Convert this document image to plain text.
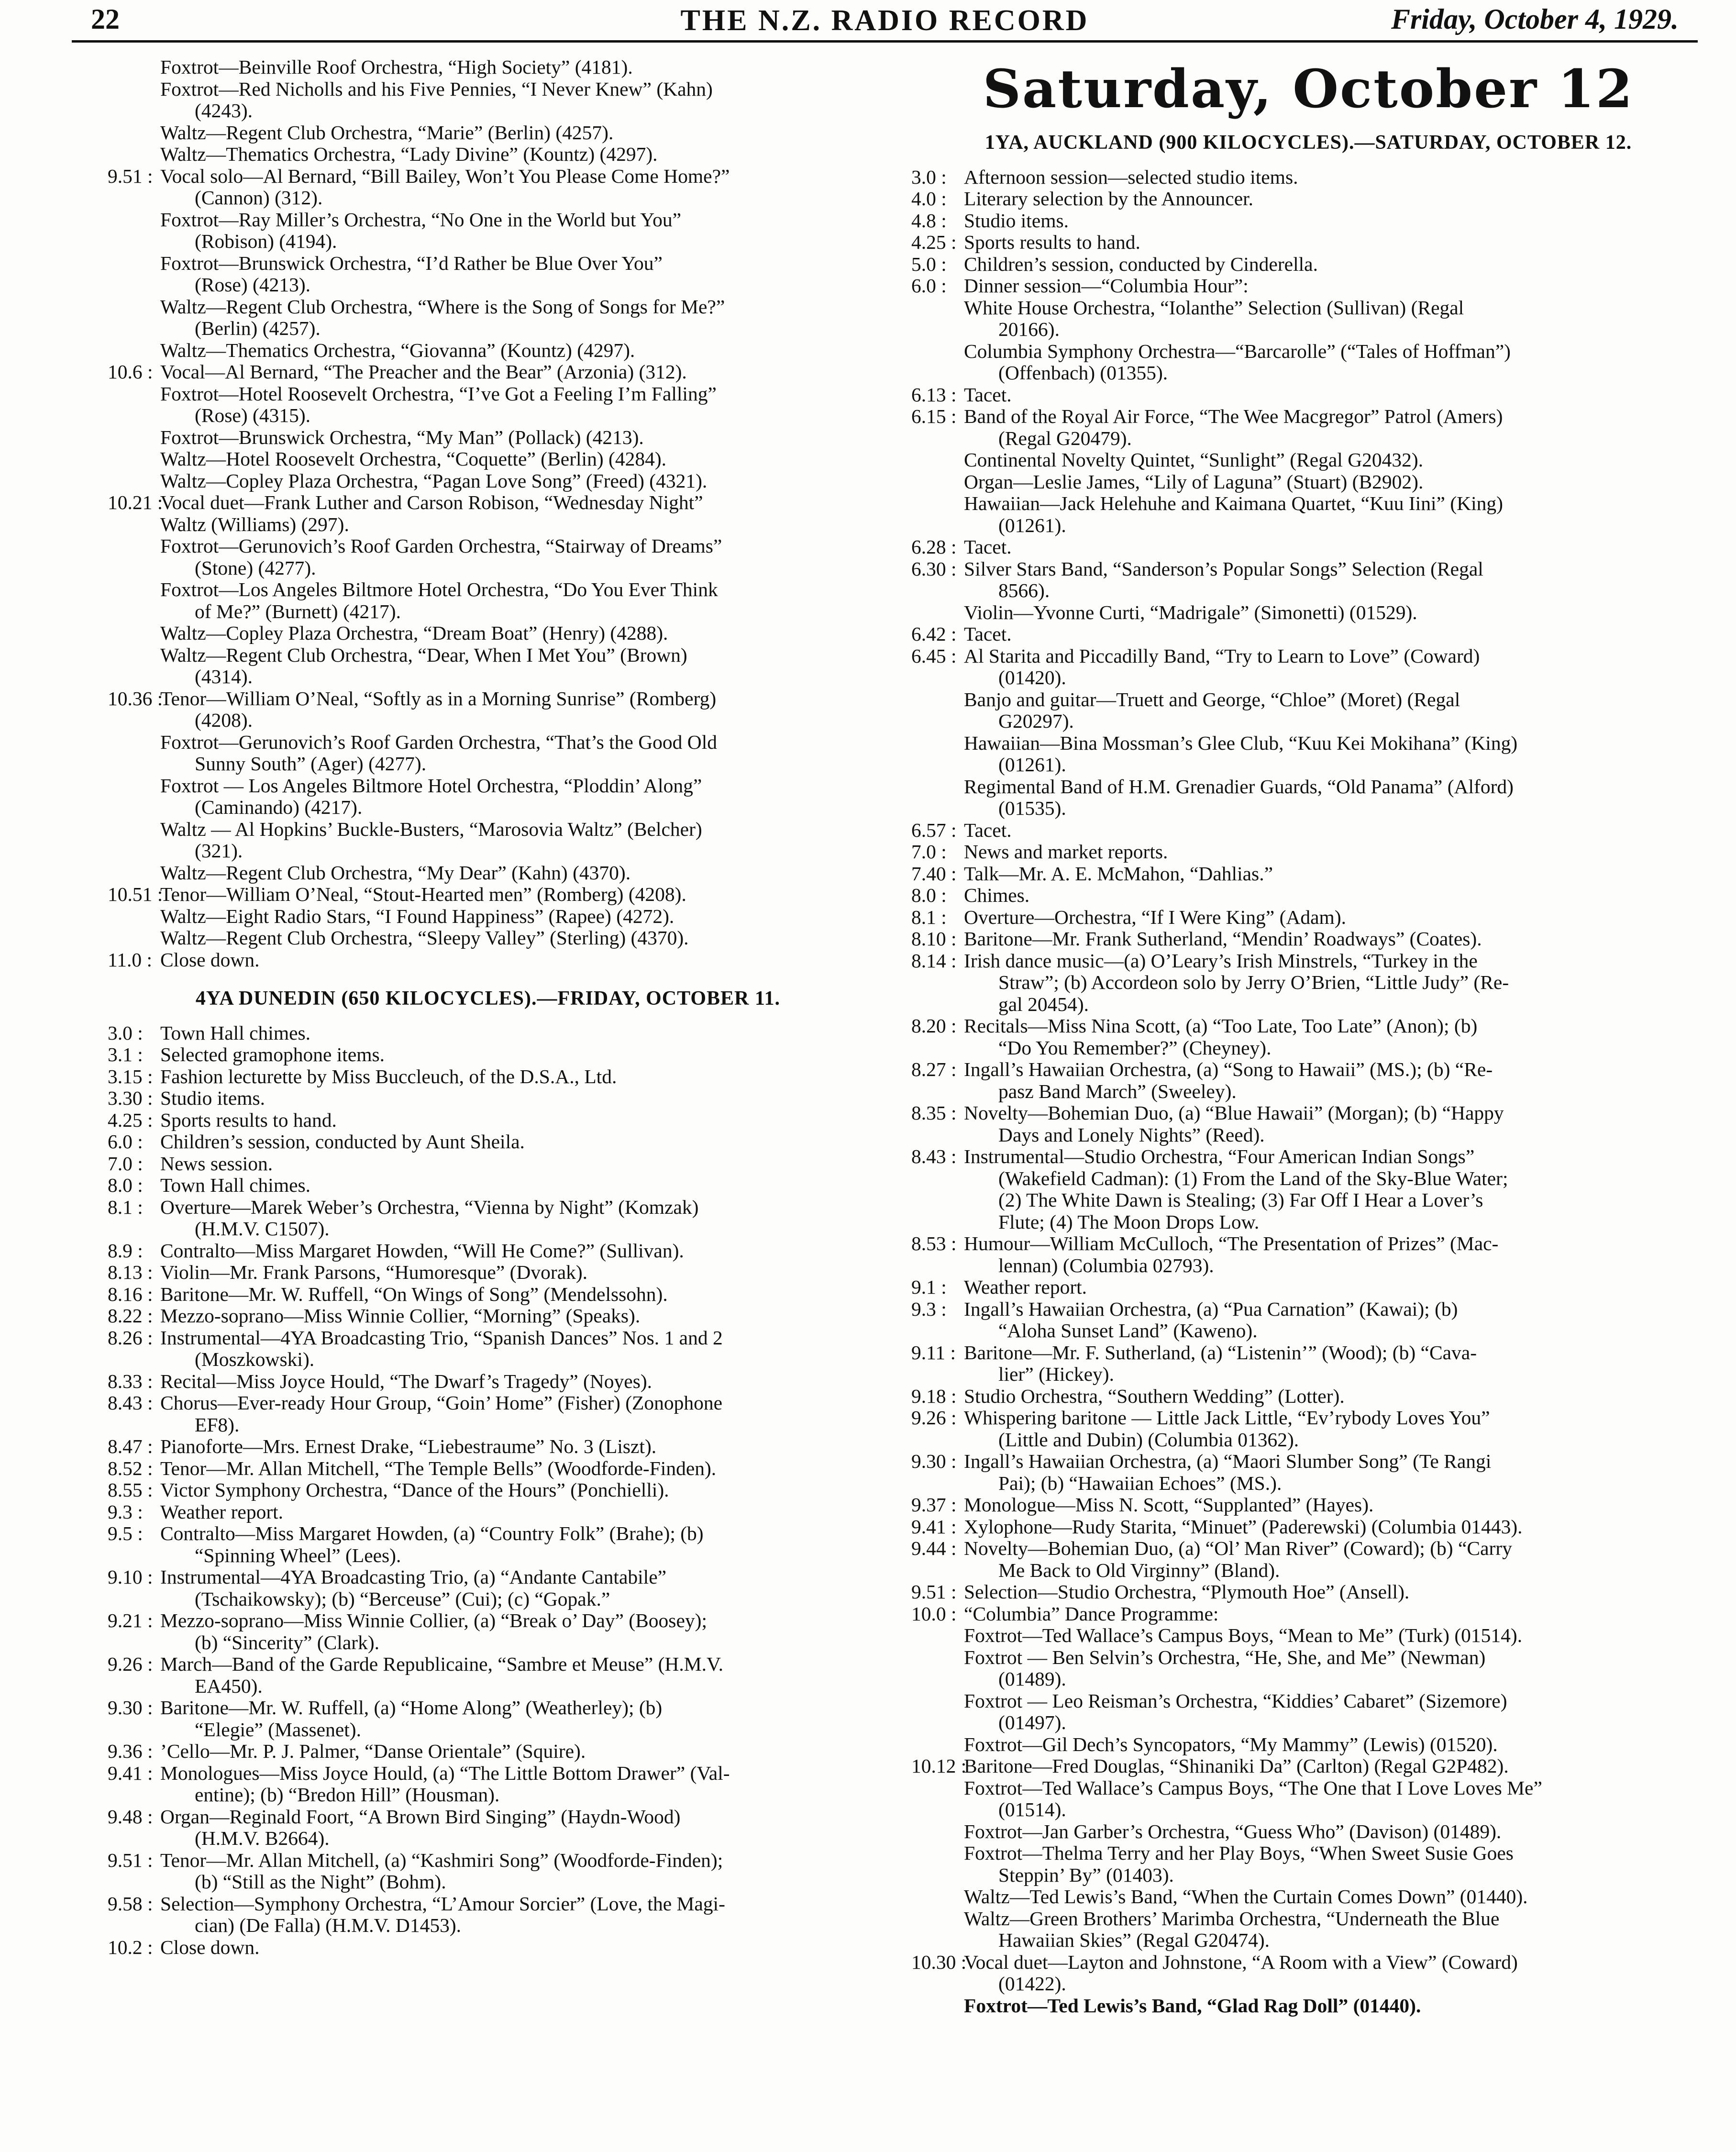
22	THE N.Z. RADIO RECORD	Friday, October 4, 1929.
Foxtrot—Beinville Roof Orchestra, “High Society” (4181).
Foxtrot—Red Nicholls and his Five Pennies, “I Never Knew” (Kahn)
(4243).
Waltz—Regent Club Orchestra, “Marie” (Berlin) (4257).
Waltz—Thematics Orchestra, “Lady Divine” (Kountz) (4297).
9.51 : Vocal solo—Al Bernard, “Bill Bailey, Won’t You Please Come Home?”
(Cannon) (312).
Foxtrot—Ray Miller’s Orchestra, “No One in the World but You”
(Robison) (4194).
Foxtrot—Brunswick Orchestra, “I’d Rather be Blue Over You”
(Rose) (4213).
Waltz—Regent Club Orchestra, “Where is the Song of Songs for Me?”
(Berlin) (4257).
Waltz—Thematics Orchestra, “Giovanna” (Kountz) (4297).
10.6 : Vocal—Al Bernard, “The Preacher and the Bear” (Arzonia) (312).
Foxtrot—Hotel Roosevelt Orchestra, “I’ve Got a Feeling I’m Falling”
(Rose) (4315).
Foxtrot—Brunswick Orchestra, “My Man” (Pollack) (4213).
Waltz—Hotel Roosevelt Orchestra, “Coquette” (Berlin) (4284).
Waltz—Copley Plaza Orchestra, “Pagan Love Song” (Freed) (4321).
10.21 :
Vocal duet—Frank Luther and Carson Robison, “Wednesday Night”
Waltz (Williams) (297).
Foxtrot—Gerunovich’s Roof Garden Orchestra, “Stairway of Dreams”
(Stone) (4277).
Foxtrot—Los Angeles Biltmore Hotel Orchestra, “Do You Ever Think
of Me?” (Burnett) (4217).
Waltz—Copley Plaza Orchestra, “Dream Boat” (Henry) (4288).
Waltz—Regent Club Orchestra, “Dear, When I Met You” (Brown)
(4314).
10.36 :
Tenor—William O’Neal, “Softly as in a Morning Sunrise” (Romberg)
(4208).
Foxtrot—Gerunovich’s Roof Garden Orchestra, “That’s the Good Old
Sunny South” (Ager) (4277).
Foxtrot — Los Angeles Biltmore Hotel Orchestra, “Ploddin’ Along”
(Caminando) (4217).
Waltz — Al Hopkins’ Buckle-Busters, “Marosovia Waltz” (Belcher)
(321).
Waltz—Regent Club Orchestra, “My Dear” (Kahn) (4370).
10.51 :
Tenor—William O’Neal, “Stout-Hearted men” (Romberg) (4208).
Waltz—Eight Radio Stars, “I Found Happiness” (Rapee) (4272).
Waltz—Regent Club Orchestra, “Sleepy Valley” (Sterling) (4370).
11.0 : Close down.
4YA DUNEDIN (650 KILOCYCLES).—FRIDAY, OCTOBER 11.
3.0 : Town Hall chimes.
3.1 : Selected gramophone items.
3.15 : Fashion lecturette by Miss Buccleuch, of the D.S.A., Ltd.
3.30 : Studio items.
4.25 : Sports results to hand.
6.0 : Children’s session, conducted by Aunt Sheila.
7.0 : News session.
8.0 : Town Hall chimes.
8.1 : Overture—Marek Weber’s Orchestra, “Vienna by Night” (Komzak)
(H.M.V. C1507).
8.9 : Contralto—Miss Margaret Howden, “Will He Come?” (Sullivan).
8.13 : Violin—Mr. Frank Parsons, “Humoresque” (Dvorak).
8.16 : Baritone—Mr. W. Ruffell, “On Wings of Song” (Mendelssohn).
8.22 : Mezzo-soprano—Miss Winnie Collier, “Morning” (Speaks).
8.26 : Instrumental—4YA Broadcasting Trio, “Spanish Dances” Nos. 1 and 2
(Moszkowski).
8.33 : Recital—Miss Joyce Hould, “The Dwarf’s Tragedy” (Noyes).
8.43 : Chorus—Ever-ready Hour Group, “Goin’ Home” (Fisher) (Zonophone
EF8).
8.47 : Pianoforte—Mrs. Ernest Drake, “Liebestraume” No. 3 (Liszt).
8.52 : Tenor—Mr. Allan Mitchell, “The Temple Bells” (Woodforde-Finden).
8.55 : Victor Symphony Orchestra, “Dance of the Hours” (Ponchielli).
9.3 : Weather report.
9.5 : Contralto—Miss Margaret Howden, (a) “Country Folk” (Brahe); (b)
“Spinning Wheel” (Lees).
9.10 : Instrumental—4YA Broadcasting Trio, (a) “Andante Cantabile”
(Tschaikowsky); (b) “Berceuse” (Cui); (c) “Gopak.”
9.21 : Mezzo-soprano—Miss Winnie Collier, (a) “Break o’ Day” (Boosey);
(b) “Sincerity” (Clark).
9.26 : March—Band of the Garde Republicaine, “Sambre et Meuse” (H.M.V.
EA450).
9.30 : Baritone—Mr. W. Ruffell, (a) “Home Along” (Weatherley); (b)
“Elegie” (Massenet).
9.36 : ’Cello—Mr. P. J. Palmer, “Danse Orientale” (Squire).
9.41 : Monologues—Miss Joyce Hould, (a) “The Little Bottom Drawer” (Val-
entine); (b) “Bredon Hill” (Housman).
9.48 : Organ—Reginald Foort, “A Brown Bird Singing” (Haydn-Wood)
(H.M.V. B2664).
9.51 : Tenor—Mr. Allan Mitchell, (a) “Kashmiri Song” (Woodforde-Finden);
(b) “Still as the Night” (Bohm).
9.58 : Selection—Symphony Orchestra, “L’Amour Sorcier” (Love, the Magi-
cian) (De Falla) (H.M.V. D1453).
10.2 : Close down.
Saturday, October 12
1YA, AUCKLAND (900 KILOCYCLES).—SATURDAY, OCTOBER 12.
3.0 : Afternoon session—selected studio items.
4.0 : Literary selection by the Announcer.
4.8 : Studio items.
4.25 : Sports results to hand.
5.0 : Children’s session, conducted by Cinderella.
6.0 : Dinner session—“Columbia Hour”:
White House Orchestra, “Iolanthe” Selection (Sullivan) (Regal
20166).
Columbia Symphony Orchestra—“Barcarolle” (“Tales of Hoffman”)
(Offenbach) (01355).
6.13 : Tacet.
6.15 : Band of the Royal Air Force, “The Wee Macgregor” Patrol (Amers)
(Regal G20479).
Continental Novelty Quintet, “Sunlight” (Regal G20432).
Organ—Leslie James, “Lily of Laguna” (Stuart) (B2902).
Hawaiian—Jack Helehuhe and Kaimana Quartet, “Kuu Iini” (King)
(01261).
6.28 : Tacet.
6.30 : Silver Stars Band, “Sanderson’s Popular Songs” Selection (Regal
8566).
Violin—Yvonne Curti, “Madrigale” (Simonetti) (01529).
6.42 : Tacet.
6.45 : Al Starita and Piccadilly Band, “Try to Learn to Love” (Coward)
(01420).
Banjo and guitar—Truett and George, “Chloe” (Moret) (Regal
G20297).
Hawaiian—Bina Mossman’s Glee Club, “Kuu Kei Mokihana” (King)
(01261).
Regimental Band of H.M. Grenadier Guards, “Old Panama” (Alford)
(01535).
6.57 : Tacet.
7.0 : News and market reports.
7.40 : Talk—Mr. A. E. McMahon, “Dahlias.”
8.0 : Chimes.
8.1 : Overture—Orchestra, “If I Were King” (Adam).
8.10 : Baritone—Mr. Frank Sutherland, “Mendin’ Roadways” (Coates).
8.14 : Irish dance music—(a) O’Leary’s Irish Minstrels, “Turkey in the
Straw”; (b) Accordeon solo by Jerry O’Brien, “Little Judy” (Re-
gal 20454).
8.20 : Recitals—Miss Nina Scott, (a) “Too Late, Too Late” (Anon); (b)
“Do You Remember?” (Cheyney).
8.27 : Ingall’s Hawaiian Orchestra, (a) “Song to Hawaii” (MS.); (b) “Re-
pasz Band March” (Sweeley).
8.35 : Novelty—Bohemian Duo, (a) “Blue Hawaii” (Morgan); (b) “Happy
Days and Lonely Nights” (Reed).
8.43 : Instrumental—Studio Orchestra, “Four American Indian Songs”
(Wakefield Cadman): (1) From the Land of the Sky-Blue Water;
(2) The White Dawn is Stealing; (3) Far Off I Hear a Lover’s
Flute; (4) The Moon Drops Low.
8.53 : Humour—William McCulloch, “The Presentation of Prizes” (Mac-
lennan) (Columbia 02793).
9.1 : Weather report.
9.3 : Ingall’s Hawaiian Orchestra, (a) “Pua Carnation” (Kawai); (b)
“Aloha Sunset Land” (Kaweno).
9.11 : Baritone—Mr. F. Sutherland, (a) “Listenin’” (Wood); (b) “Cava-
lier” (Hickey).
9.18 : Studio Orchestra, “Southern Wedding” (Lotter).
9.26 : Whispering baritone — Little Jack Little, “Ev’rybody Loves You”
(Little and Dubin) (Columbia 01362).
9.30 : Ingall’s Hawaiian Orchestra, (a) “Maori Slumber Song” (Te Rangi
Pai); (b) “Hawaiian Echoes” (MS.).
9.37 : Monologue—Miss N. Scott, “Supplanted” (Hayes).
9.41 : Xylophone—Rudy Starita, “Minuet” (Paderewski) (Columbia 01443).
9.44 : Novelty—Bohemian Duo, (a) “Ol’ Man River” (Coward); (b) “Carry
Me Back to Old Virginny” (Bland).
9.51 : Selection—Studio Orchestra, “Plymouth Hoe” (Ansell).
10.0 : “Columbia” Dance Programme:
Foxtrot—Ted Wallace’s Campus Boys, “Mean to Me” (Turk) (01514).
Foxtrot — Ben Selvin’s Orchestra, “He, She, and Me” (Newman)
(01489).
Foxtrot — Leo Reisman’s Orchestra, “Kiddies’ Cabaret” (Sizemore)
(01497).
Foxtrot—Gil Dech’s Syncopators, “My Mammy” (Lewis) (01520).
10.12 :
Baritone—Fred Douglas, “Shinaniki Da” (Carlton) (Regal G2P482).
Foxtrot—Ted Wallace’s Campus Boys, “The One that I Love Loves Me”
(01514).
Foxtrot—Jan Garber’s Orchestra, “Guess Who” (Davison) (01489).
Foxtrot—Thelma Terry and her Play Boys, “When Sweet Susie Goes
Steppin’ By” (01403).
Waltz—Ted Lewis’s Band, “When the Curtain Comes Down” (01440).
Waltz—Green Brothers’ Marimba Orchestra, “Underneath the Blue
Hawaiian Skies” (Regal G20474).
10.30 :
Vocal duet—Layton and Johnstone, “A Room with a View” (Coward)
(01422).
Foxtrot—Ted Lewis’s Band, “Glad Rag Doll” (01440).
